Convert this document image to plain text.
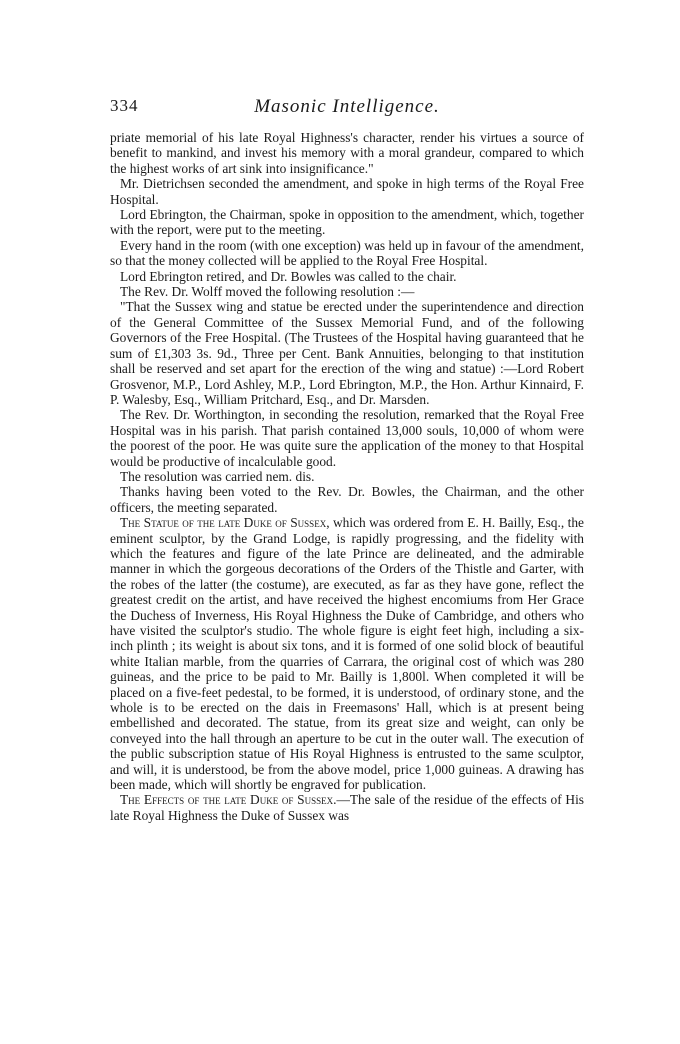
334	Masonic Intelligence.

priate memorial of his late Royal Highness's character, render his virtues a source of benefit to mankind, and invest his memory with a moral grandeur, compared to which the highest works of art sink into insignificance."

Mr. Dietrichsen seconded the amendment, and spoke in high terms of the Royal Free Hospital.

Lord Ebrington, the Chairman, spoke in opposition to the amendment, which, together with the report, were put to the meeting.

Every hand in the room (with one exception) was held up in favour of the amendment, so that the money collected will be applied to the Royal Free Hospital.

Lord Ebrington retired, and Dr. Bowles was called to the chair.

The Rev. Dr. Wolff moved the following resolution :—

"That the Sussex wing and statue be erected under the superintendence and direction of the General Committee of the Sussex Memorial Fund, and of the following Governors of the Free Hospital. (The Trustees of the Hospital having guaranteed that he sum of £1,303 3s. 9d., Three per Cent. Bank Annuities, belonging to that institution shall be reserved and set apart for the erection of the wing and statue) :—Lord Robert Grosvenor, M.P., Lord Ashley, M.P., Lord Ebrington, M.P., the Hon. Arthur Kinnaird, F. P. Walesby, Esq., William Pritchard, Esq., and Dr. Marsden.

The Rev. Dr. Worthington, in seconding the resolution, remarked that the Royal Free Hospital was in his parish. That parish contained 13,000 souls, 10,000 of whom were the poorest of the poor. He was quite sure the application of the money to that Hospital would be productive of incalculable good.

The resolution was carried nem. dis.

Thanks having been voted to the Rev. Dr. Bowles, the Chairman, and the other officers, the meeting separated.

The Statue of the late Duke of Sussex, which was ordered from E. H. Bailly, Esq., the eminent sculptor, by the Grand Lodge, is rapidly progressing, and the fidelity with which the features and figure of the late Prince are delineated, and the admirable manner in which the gorgeous decorations of the Orders of the Thistle and Garter, with the robes of the latter (the costume), are executed, as far as they have gone, reflect the greatest credit on the artist, and have received the highest encomiums from Her Grace the Duchess of Inverness, His Royal Highness the Duke of Cambridge, and others who have visited the sculptor's studio. The whole figure is eight feet high, including a six-inch plinth ; its weight is about six tons, and it is formed of one solid block of beautiful white Italian marble, from the quarries of Carrara, the original cost of which was 280 guineas, and the price to be paid to Mr. Bailly is 1,800l. When completed it will be placed on a five-feet pedestal, to be formed, it is understood, of ordinary stone, and the whole is to be erected on the dais in Freemasons' Hall, which is at present being embellished and decorated. The statue, from its great size and weight, can only be conveyed into the hall through an aperture to be cut in the outer wall. The execution of the public subscription statue of His Royal Highness is entrusted to the same sculptor, and will, it is understood, be from the above model, price 1,000 guineas. A drawing has been made, which will shortly be engraved for publication.

The Effects of the late Duke of Sussex.—The sale of the residue of the effects of His late Royal Highness the Duke of Sussex was
